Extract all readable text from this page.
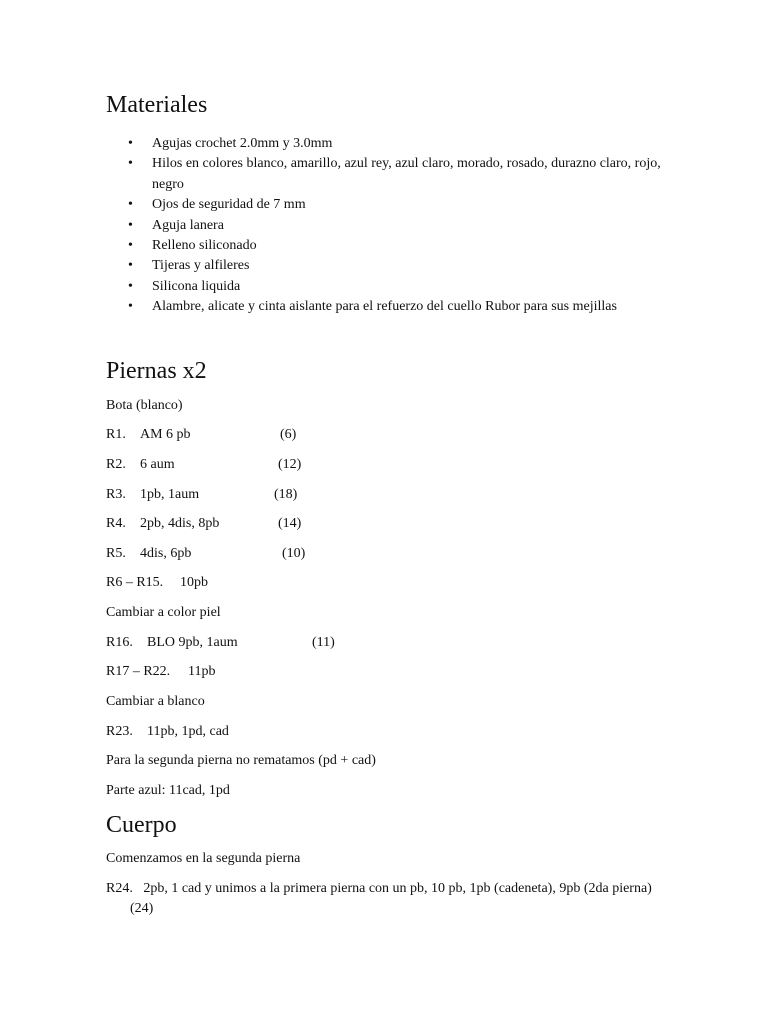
Materiales
• Agujas crochet 2.0mm y 3.0mm
• Hilos en colores blanco, amarillo, azul rey, azul claro, morado, rosado, durazno claro, rojo, negro
• Ojos de seguridad de 7 mm
• Aguja lanera
• Relleno siliconado
• Tijeras y alfileres
• Silicona liquida
• Alambre, alicate y cinta aislante para el refuerzo del cuello Rubor para sus mejillas
Piernas x2
Bota (blanco)
R1. AM 6 pb	(6)
R2. 6 aum	(12)
R3. 1pb, 1aum	(18)
R4. 2pb, 4dis, 8pb	(14)
R5. 4dis, 6pb	(10)
R6 – R15. 10pb
Cambiar a color piel
R16. BLO 9pb, 1aum	(11)
R17 – R22. 11pb
Cambiar a blanco
R23. 11pb, 1pd, cad
Para la segunda pierna no rematamos (pd + cad)
Parte azul: 11cad, 1pd
Cuerpo
Comenzamos en la segunda pierna
R24. 2pb, 1 cad y unimos a la primera pierna con un pb, 10 pb, 1pb (cadeneta), 9pb (2da pierna)(24)
